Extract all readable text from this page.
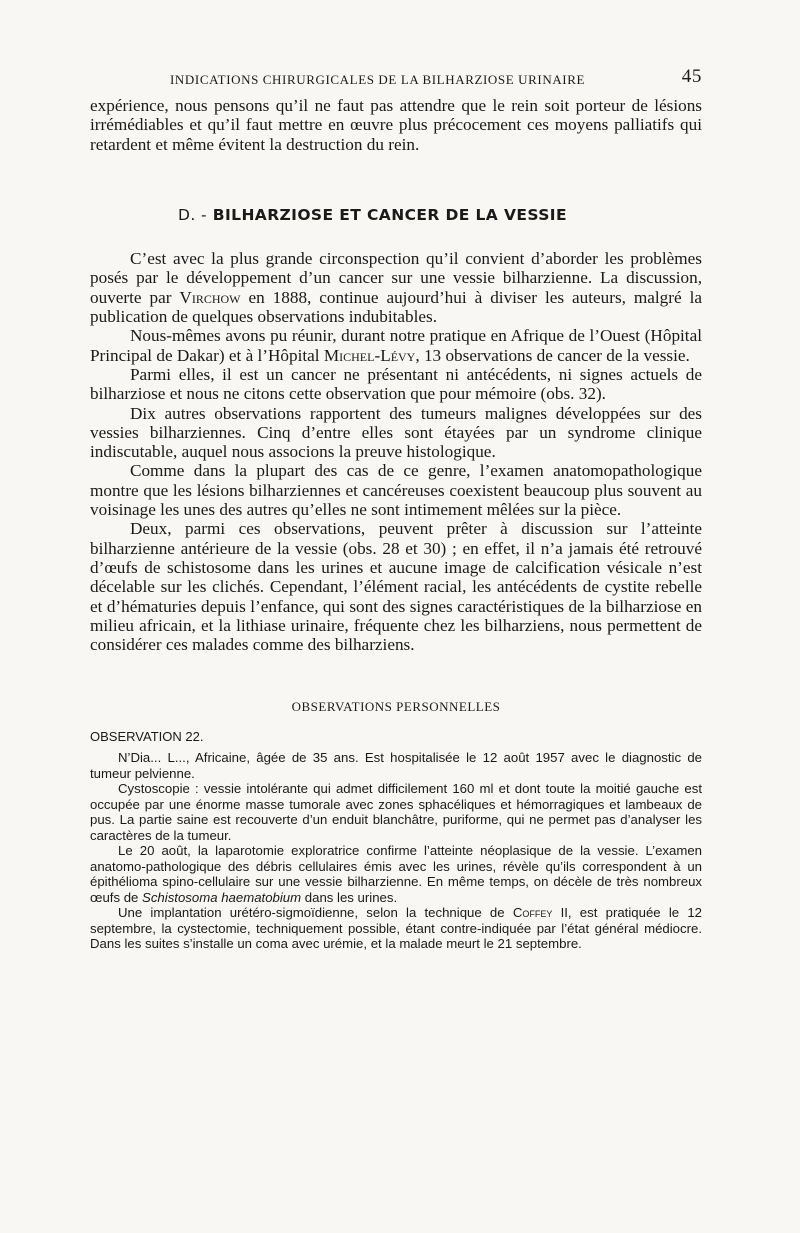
INDICATIONS CHIRURGICALES DE LA BILHARZIOSE URINAIRE	45

expérience, nous pensons qu’il ne faut pas attendre que le rein soit porteur de lésions irrémédiables et qu’il faut mettre en œuvre plus précocement ces moyens palliatifs qui retardent et même évitent la destruction du rein.

D. - BILHARZIOSE ET CANCER DE LA VESSIE

C’est avec la plus grande circonspection qu’il convient d’aborder les problèmes posés par le développement d’un cancer sur une vessie bilharzienne. La discussion, ouverte par Virchow en 1888, continue aujourd’hui à diviser les auteurs, malgré la publication de quelques observations indubitables.

Nous-mêmes avons pu réunir, durant notre pratique en Afrique de l’Ouest (Hôpital Principal de Dakar) et à l’Hôpital Michel-Lévy, 13 observations de cancer de la vessie.

Parmi elles, il est un cancer ne présentant ni antécédents, ni signes actuels de bilharziose et nous ne citons cette observation que pour mémoire (obs. 32).

Dix autres observations rapportent des tumeurs malignes développées sur des vessies bilharziennes. Cinq d’entre elles sont étayées par un syndrome clinique indiscutable, auquel nous associons la preuve histologique.

Comme dans la plupart des cas de ce genre, l’examen anatomopathologique montre que les lésions bilharziennes et cancéreuses coexistent beaucoup plus souvent au voisinage les unes des autres qu’elles ne sont intimement mêlées sur la pièce.

Deux, parmi ces observations, peuvent prêter à discussion sur l’atteinte bilharzienne antérieure de la vessie (obs. 28 et 30) ; en effet, il n’a jamais été retrouvé d’œufs de schistosome dans les urines et aucune image de calcification vésicale n’est décelable sur les clichés. Cependant, l’élément racial, les antécédents de cystite rebelle et d’hématuries depuis l’enfance, qui sont des signes caractéristiques de la bilharziose en milieu africain, et la lithiase urinaire, fréquente chez les bilharziens, nous permettent de considérer ces malades comme des bilharziens.

OBSERVATIONS PERSONNELLES
OBSERVATION 22.

N’Dia... L..., Africaine, âgée de 35 ans. Est hospitalisée le 12 août 1957 avec le diagnostic de tumeur pelvienne.

Cystoscopie : vessie intolérante qui admet difficilement 160 ml et dont toute la moitié gauche est occupée par une énorme masse tumorale avec zones sphacéliques et hémorragiques et lambeaux de pus. La partie saine est recouverte d’un enduit blanchâtre, puriforme, qui ne permet pas d’analyser les caractères de la tumeur.

Le 20 août, la laparotomie exploratrice confirme l’atteinte néoplasique de la vessie. L’examen anatomo-pathologique des débris cellulaires émis avec les urines, révèle qu’ils correspondent à un épithélioma spino-cellulaire sur une vessie bilharzienne. En même temps, on décèle de très nombreux œufs de Schistosoma haematobium dans les urines.

Une implantation urétéro-sigmoïdienne, selon la technique de Coffey II, est pratiquée le 12 septembre, la cystectomie, techniquement possible, étant contre-indiquée par l’état général médiocre. Dans les suites s’installe un coma avec urémie, et la malade meurt le 21 septembre.
